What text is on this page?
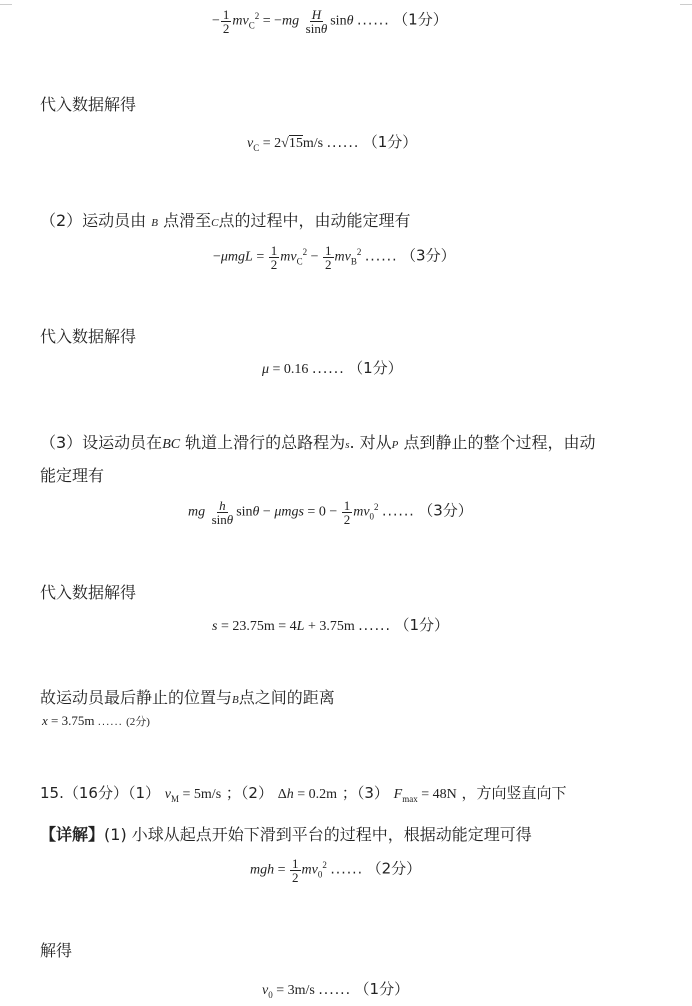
− $\frac{1}{2} mv_C^2 = -mg \frac{H}{\sin\theta}$ sinθ ...... （1分）
代入数据解得
$v_C = 2√15m/s$ ...... （1分）
（2）运动员由 B 点滑至C点的过程中，由动能定理有
$-\mu mgL = \frac{1}{2} mv_C^2 - \frac{1}{2} mv_B^2$ ...... （3分）
代入数据解得
μ = 0.16 ...... （1分）
（3）设运动员在BC 轨道上滑行的总路程为s. 对从P 点到静止的整个过程，由动
能定理有
mg $\frac{h}{\sin\theta}$ $\sin\theta - \mu mgs = 0 - \frac{1}{2} mv_0^2$ ...... （3分）
代入数据解得
s = 23.75m = 4L + 3.75m ...... （1分）
故运动员最后静止的位置与B点之间的距离
x = 3.75m ...... (2分)
15.（16分）（1） $v_M = 5m/s$ ；（2） Δh = 0.2m ；（3） $F_{max} = 48N$ ，方向竖直向下
【详解】(1) 小球从起点开始下滑到平台的过程中，根据动能定理可得
mgh = $\frac{1}{2} mv_0^2$ ...... （2分）
解得
$v_0 = 3m/s$ ...... （1分）
